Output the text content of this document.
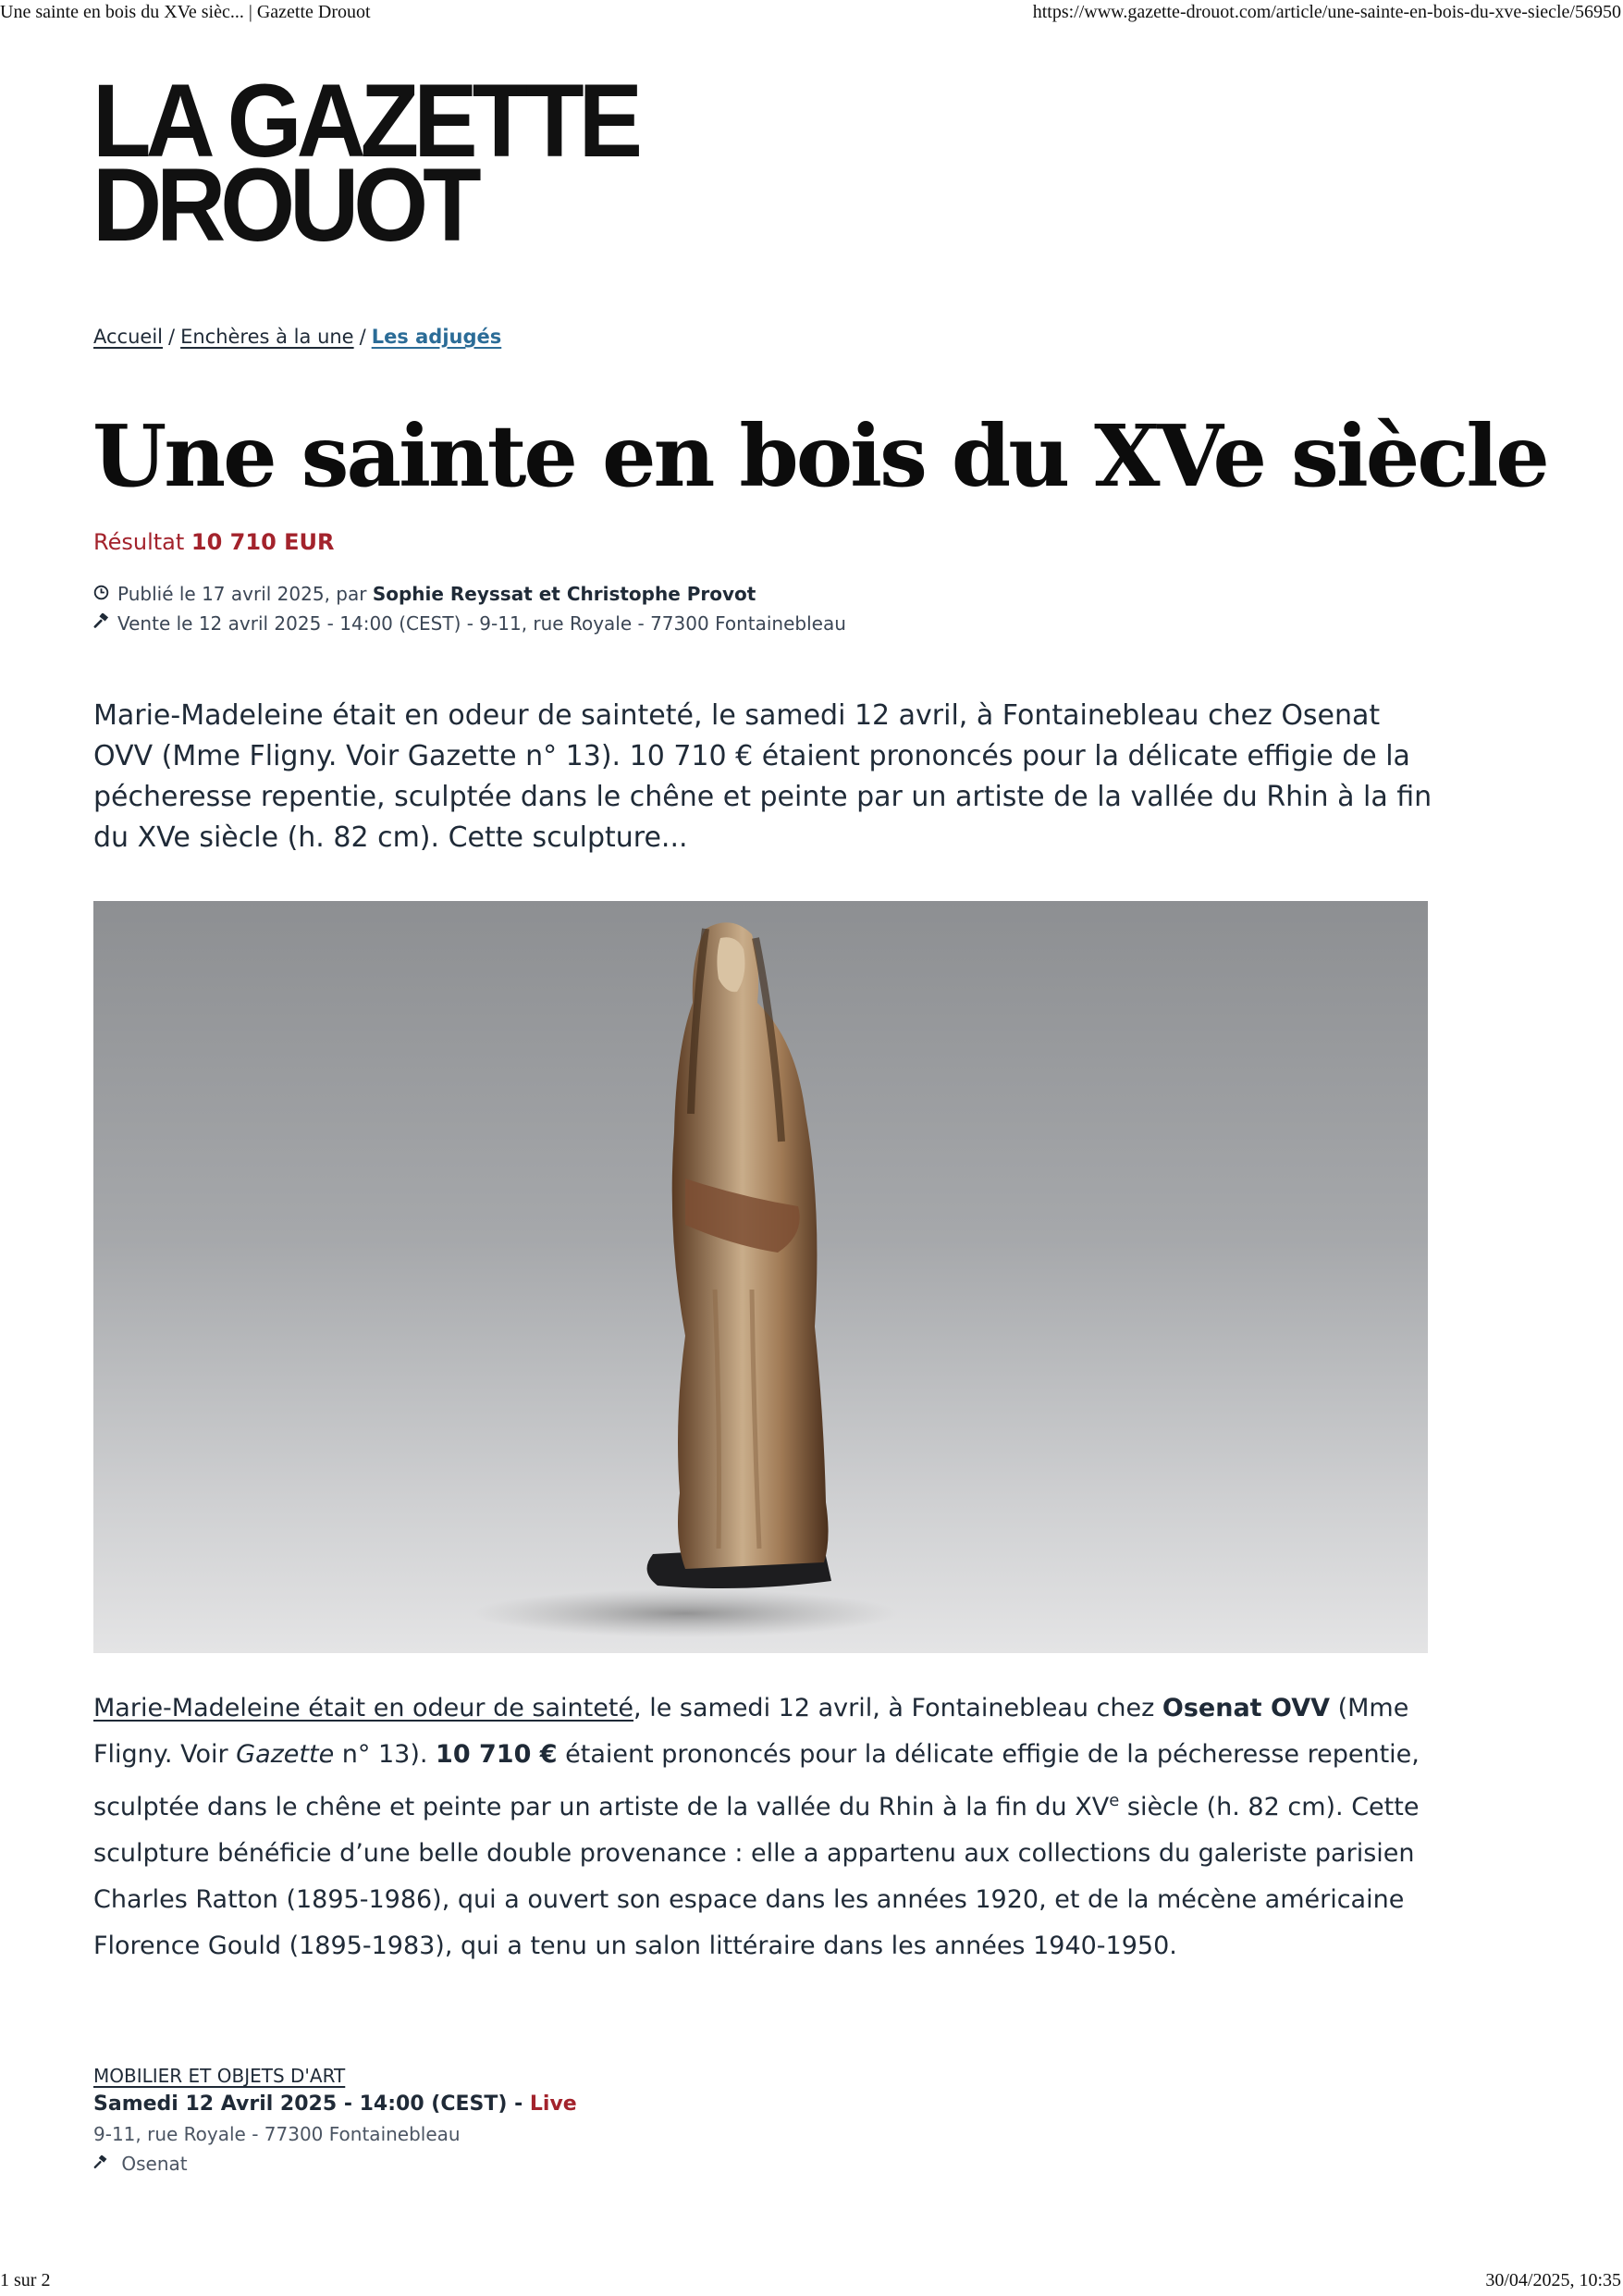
Une sainte en bois du XVe sièc... | Gazette Drouot	https://www.gazette-drouot.com/article/une-sainte-en-bois-du-xve-siecle/56950
LA GAZETTE
DROUOT
Accueil / Enchères à la une / Les adjugés
Une sainte en bois du XVe siècle
Résultat 10 710 EUR
Publié le 17 avril 2025, par Sophie Reyssat et Christophe Provot
Vente le 12 avril 2025 - 14:00 (CEST) - 9-11, rue Royale - 77300 Fontainebleau

Marie-Madeleine était en odeur de sainteté, le samedi 12 avril, à Fontainebleau chez Osenat OVV (Mme Fligny. Voir Gazette n° 13). 10 710 € étaient prononcés pour la délicate effigie de la pécheresse repentie, sculptée dans le chêne et peinte par un artiste de la vallée du Rhin à la fin du XVe siècle (h. 82 cm). Cette sculpture...

Marie-Madeleine était en odeur de sainteté, le samedi 12 avril, à Fontainebleau chez Osenat OVV (Mme Fligny. Voir Gazette n° 13). 10 710 € étaient prononcés pour la délicate effigie de la pécheresse repentie, sculptée dans le chêne et peinte par un artiste de la vallée du Rhin à la fin du XVe siècle (h. 82 cm). Cette sculpture bénéficie d’une belle double provenance : elle a appartenu aux collections du galeriste parisien Charles Ratton (1895-1986), qui a ouvert son espace dans les années 1920, et de la mécène américaine Florence Gould (1895-1983), qui a tenu un salon littéraire dans les années 1940-1950.

MOBILIER ET OBJETS D'ART
Samedi 12 Avril 2025 - 14:00 (CEST) - Live
9-11, rue Royale - 77300 Fontainebleau
Osenat
1 sur 2	30/04/2025, 10:35
